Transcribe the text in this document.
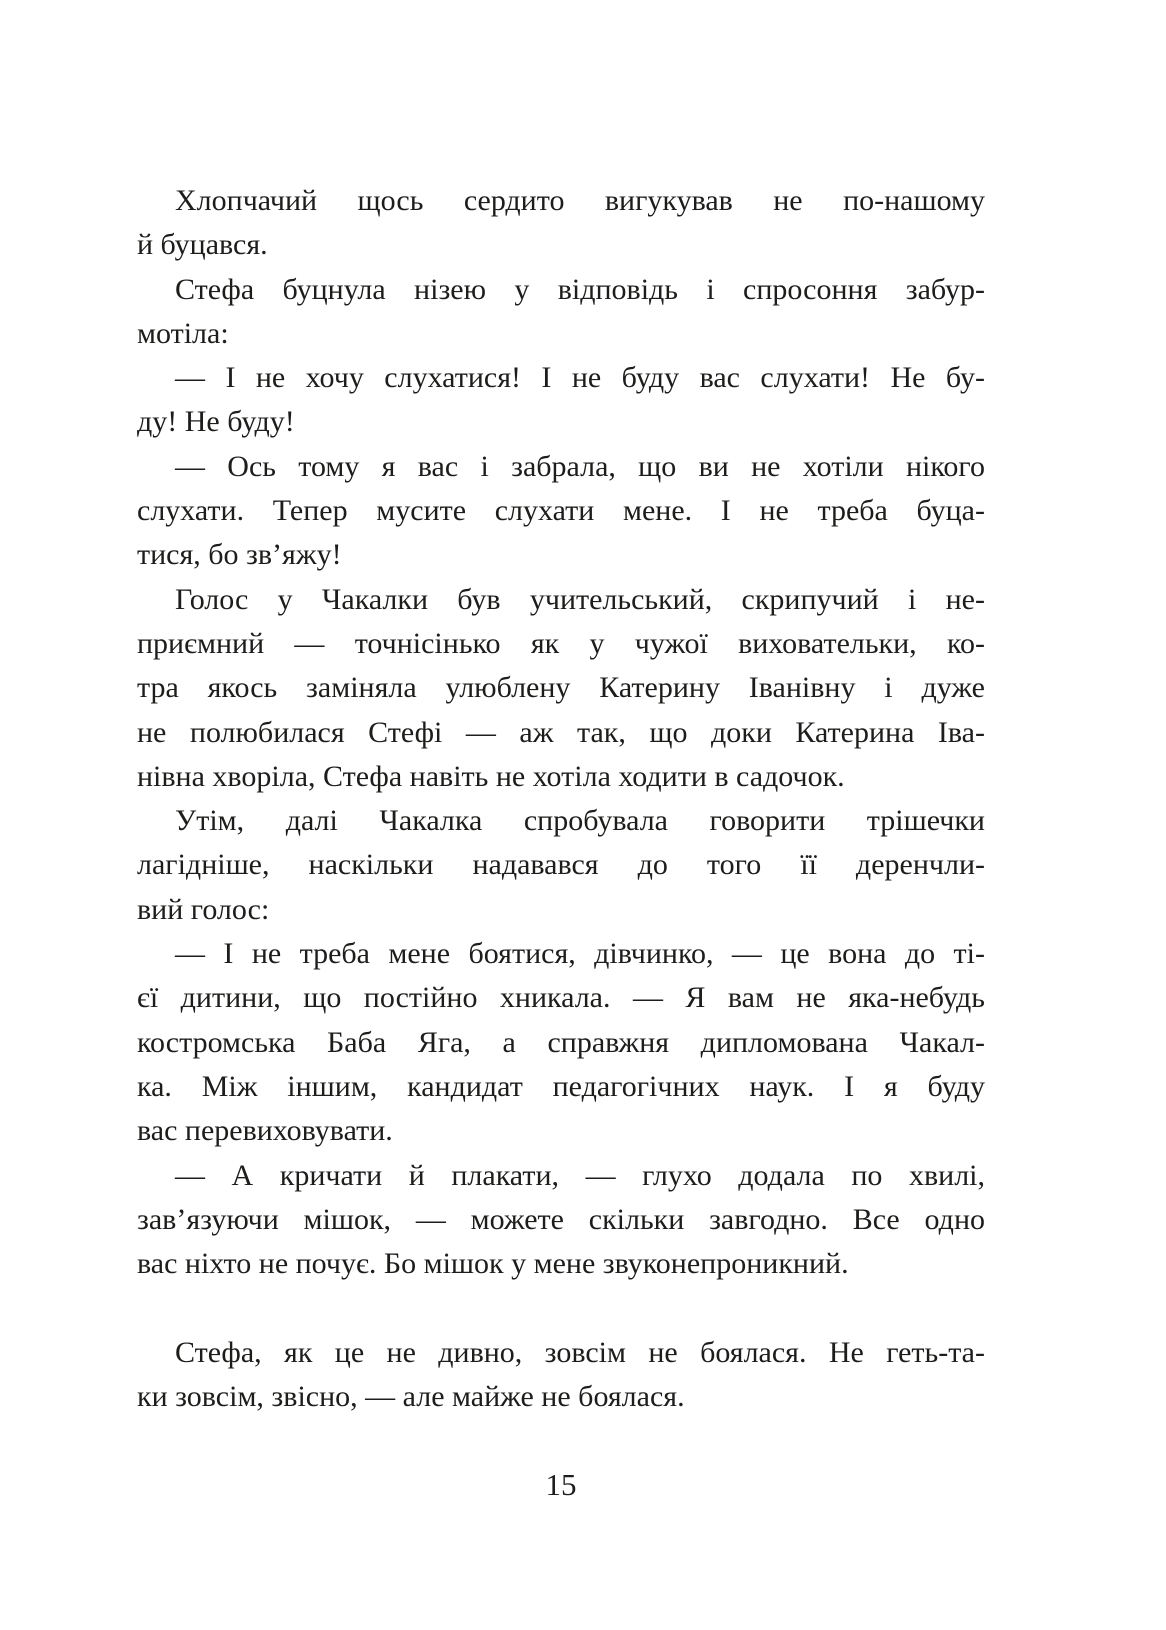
Хлопчачий щось сердито вигукував не по-нашому
й буцався.
Стефа буцнула нізею у відповідь і спросоння забур-
мотіла:
— І не хочу слухатися! І не буду вас слухати! Не бу-
ду! Не буду!
— Ось тому я вас і забрала, що ви не хотіли нікого
слухати. Тепер мусите слухати мене. І не треба буца-
тися, бо зв’яжу!
Голос у Чакалки був учительський, скрипучий і не-
приємний — точнісінько як у чужої виховательки, ко-
тра якось заміняла улюблену Катерину Іванівну і дуже
не полюбилася Стефі — аж так, що доки Катерина Іва-
нівна хворіла, Стефа навіть не хотіла ходити в садочок.
Утім, далі Чакалка спробувала говорити трішечки
лагідніше, наскільки надавався до того її деренчли-
вий голос:
— І не треба мене боятися, дівчинко, — це вона до ті-
єї дитини, що постійно хникала. — Я вам не яка-небудь
костромська Баба Яга, а справжня дипломована Чакал-
ка. Між іншим, кандидат педагогічних наук. І я буду
вас перевиховувати.
— А кричати й плакати, — глухо додала по хвилі,
зав’язуючи мішок, — можете скільки завгодно. Все одно
вас ніхто не почує. Бо мішок у мене звуконепроникний.
Стефа, як це не дивно, зовсім не боялася. Не геть-та-
ки зовсім, звісно, — але майже не боялася.
15
